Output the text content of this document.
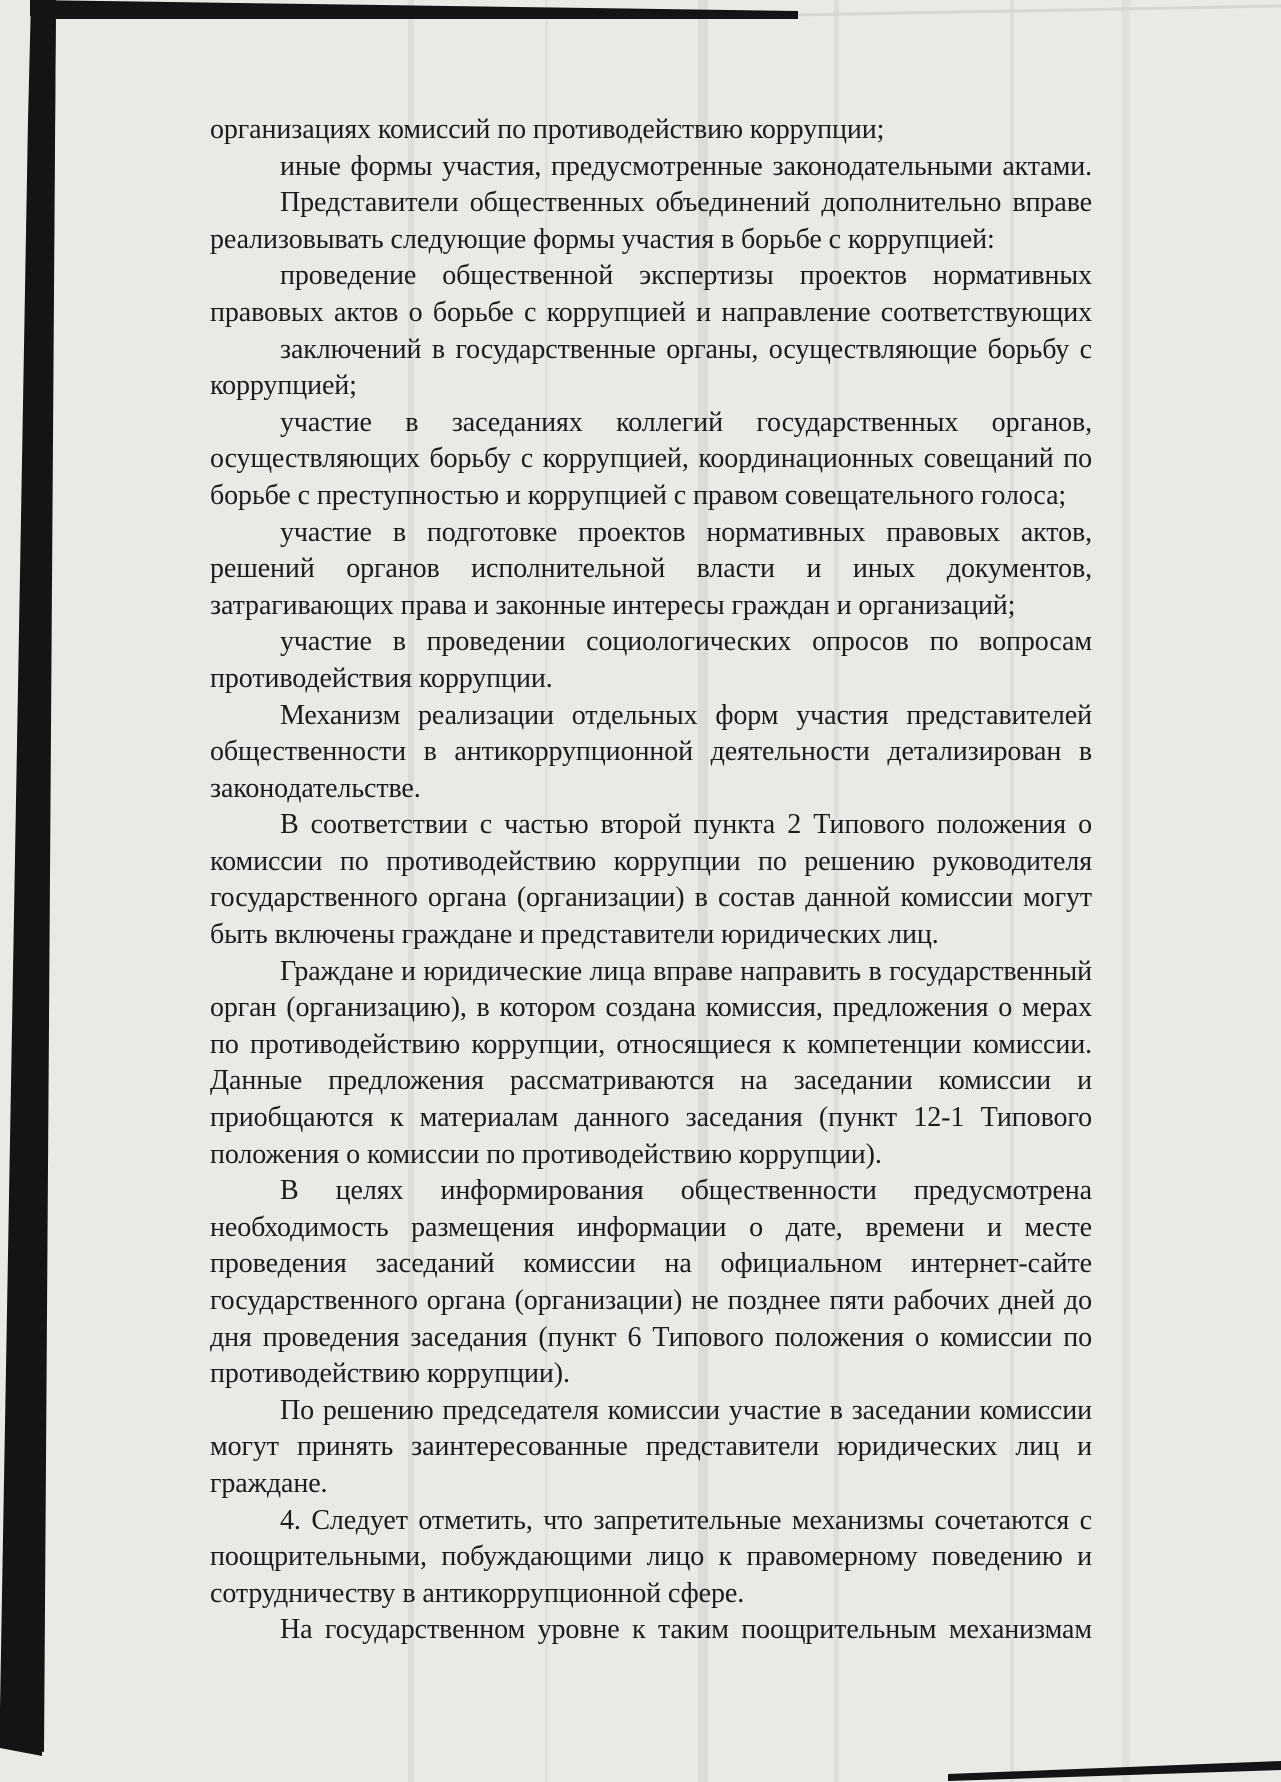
организациях комиссий по противодействию коррупции;
иные формы участия, предусмотренные законодательными актами.
Представители общественных объединений дополнительно вправе
реализовывать следующие формы участия в борьбе с коррупцией:
проведение общественной экспертизы проектов нормативных
правовых актов о борьбе с коррупцией и направление соответствующих
заключений в государственные органы, осуществляющие борьбу с
коррупцией;
участие в заседаниях коллегий государственных органов,
осуществляющих борьбу с коррупцией, координационных совещаний по
борьбе с преступностью и коррупцией с правом совещательного голоса;
участие в подготовке проектов нормативных правовых актов,
решений органов исполнительной власти и иных документов,
затрагивающих права и законные интересы граждан и организаций;
участие в проведении социологических опросов по вопросам
противодействия коррупции.
Механизм реализации отдельных форм участия представителей
общественности в антикоррупционной деятельности детализирован в
законодательстве.
В соответствии с частью второй пункта 2 Типового положения о
комиссии по противодействию коррупции по решению руководителя
государственного органа (организации) в состав данной комиссии могут
быть включены граждане и представители юридических лиц.
Граждане и юридические лица вправе направить в государственный
орган (организацию), в котором создана комиссия, предложения о мерах
по противодействию коррупции, относящиеся к компетенции комиссии.
Данные предложения рассматриваются на заседании комиссии и
приобщаются к материалам данного заседания (пункт 12-1 Типового
положения о комиссии по противодействию коррупции).
В целях информирования общественности предусмотрена
необходимость размещения информации о дате, времени и месте
проведения заседаний комиссии на официальном интернет-сайте
государственного органа (организации) не позднее пяти рабочих дней до
дня проведения заседания (пункт 6 Типового положения о комиссии по
противодействию коррупции).
По решению председателя комиссии участие в заседании комиссии
могут принять заинтересованные представители юридических лиц и
граждане.
4. Следует отметить, что запретительные механизмы сочетаются с
поощрительными, побуждающими лицо к правомерному поведению и
сотрудничеству в антикоррупционной сфере.
На государственном уровне к таким поощрительным механизмам
